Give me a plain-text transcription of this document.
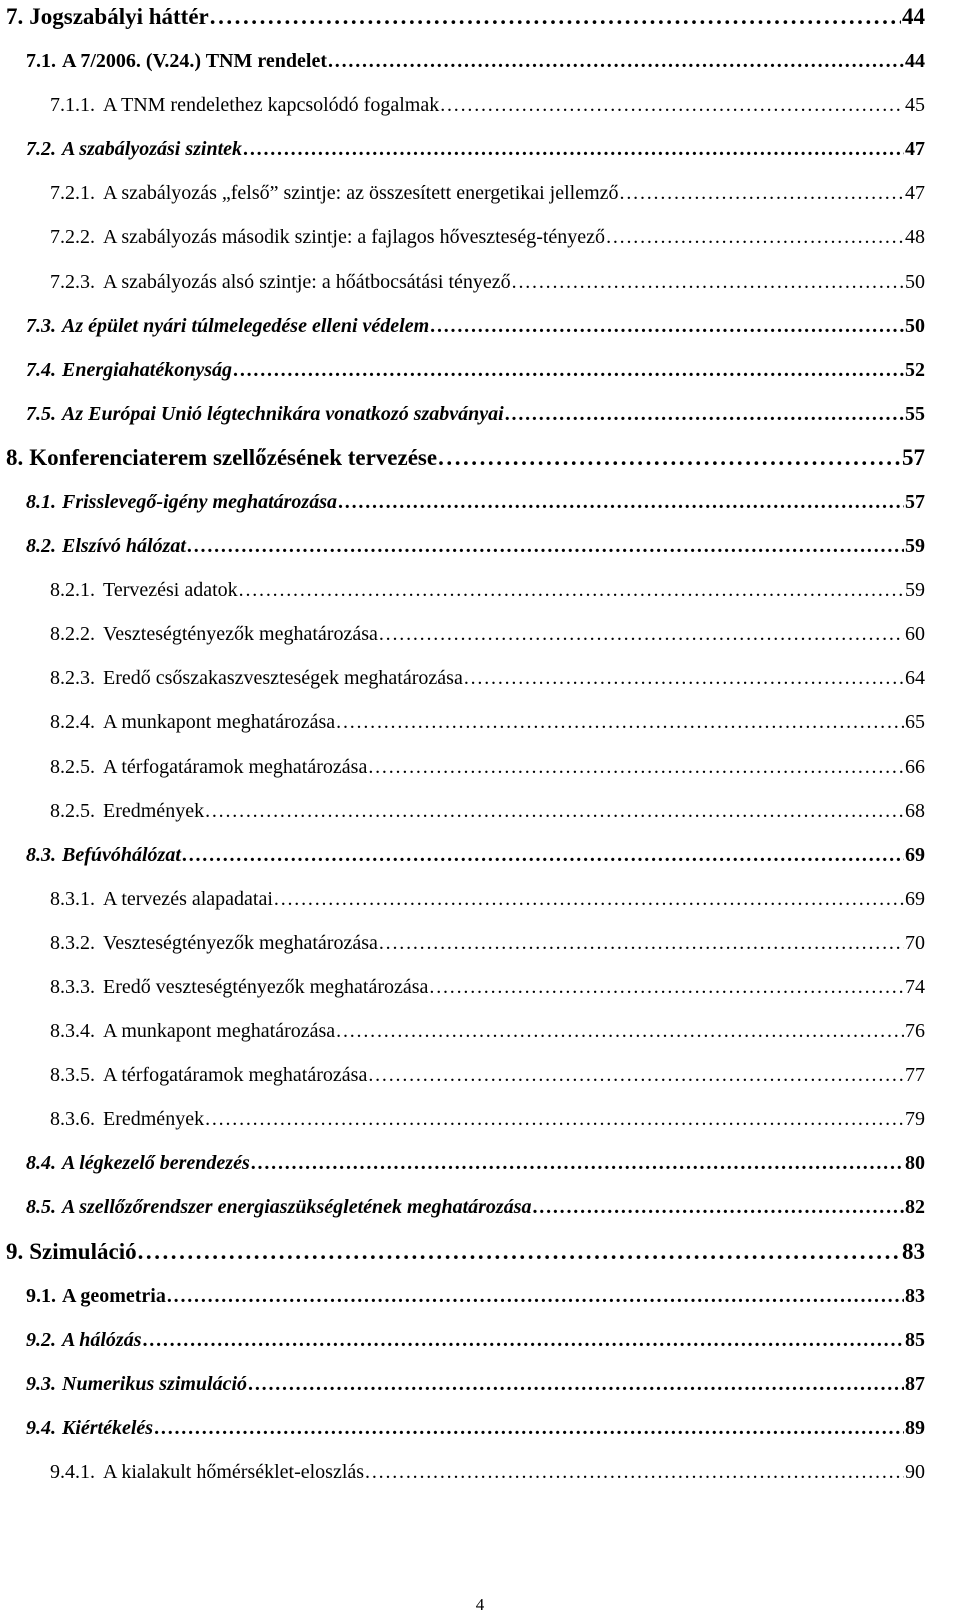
7. Jogszabályi háttér . . .	44
7.1. A 7/2006. (V.24.) TNM rendelet . . .	44
7.1.1. A TNM rendelethez kapcsolódó fogalmak . . .	45
7.2. A szabályozási szintek . . .	47
7.2.1. A szabályozás „felső” szintje: az összesített energetikai jellemző . . .	47
7.2.2. A szabályozás második szintje: a fajlagos hőveszteség-tényező . . .	48
7.2.3. A szabályozás alsó szintje: a hőátbocsátási tényező . . .	50
7.3. Az épület nyári túlmelegedése elleni védelem . . .	50
7.4. Energiahatékonyság . . .	52
7.5. Az Európai Unió légtechnikára vonatkozó szabványai . . .	55
8. Konferenciaterem szellőzésének tervezése . . .	57
8.1. Frisslevegő-igény meghatározása . . .	57
8.2. Elszívó hálózat . . .	59
8.2.1. Tervezési adatok . . .	59
8.2.2. Veszteségtényezők meghatározása . . .	60
8.2.3. Eredő csőszakaszveszteségek meghatározása . . .	64
8.2.4. A munkapont meghatározása . . .	65
8.2.5. A térfogatáramok meghatározása . . .	66
8.2.5. Eredmények . . .	68
8.3. Befúvóhálózat . . .	69
8.3.1. A tervezés alapadatai . . .	69
8.3.2. Veszteségtényezők meghatározása . . .	70
8.3.3. Eredő veszteségtényezők meghatározása . . .	74
8.3.4. A munkapont meghatározása . . .	76
8.3.5. A térfogatáramok meghatározása . . .	77
8.3.6. Eredmények . . .	79
8.4. A légkezelő berendezés . . .	80
8.5. A szellőzőrendszer energiaszükségletének meghatározása . . .	82
9. Szimuláció . . .	83
9.1. A geometria . . .	83
9.2. A hálózás . . .	85
9.3. Numerikus szimuláció . . .	87
9.4. Kiértékelés . . .	89
9.4.1. A kialakult hőmérséklet-eloszlás . . .	90
4
